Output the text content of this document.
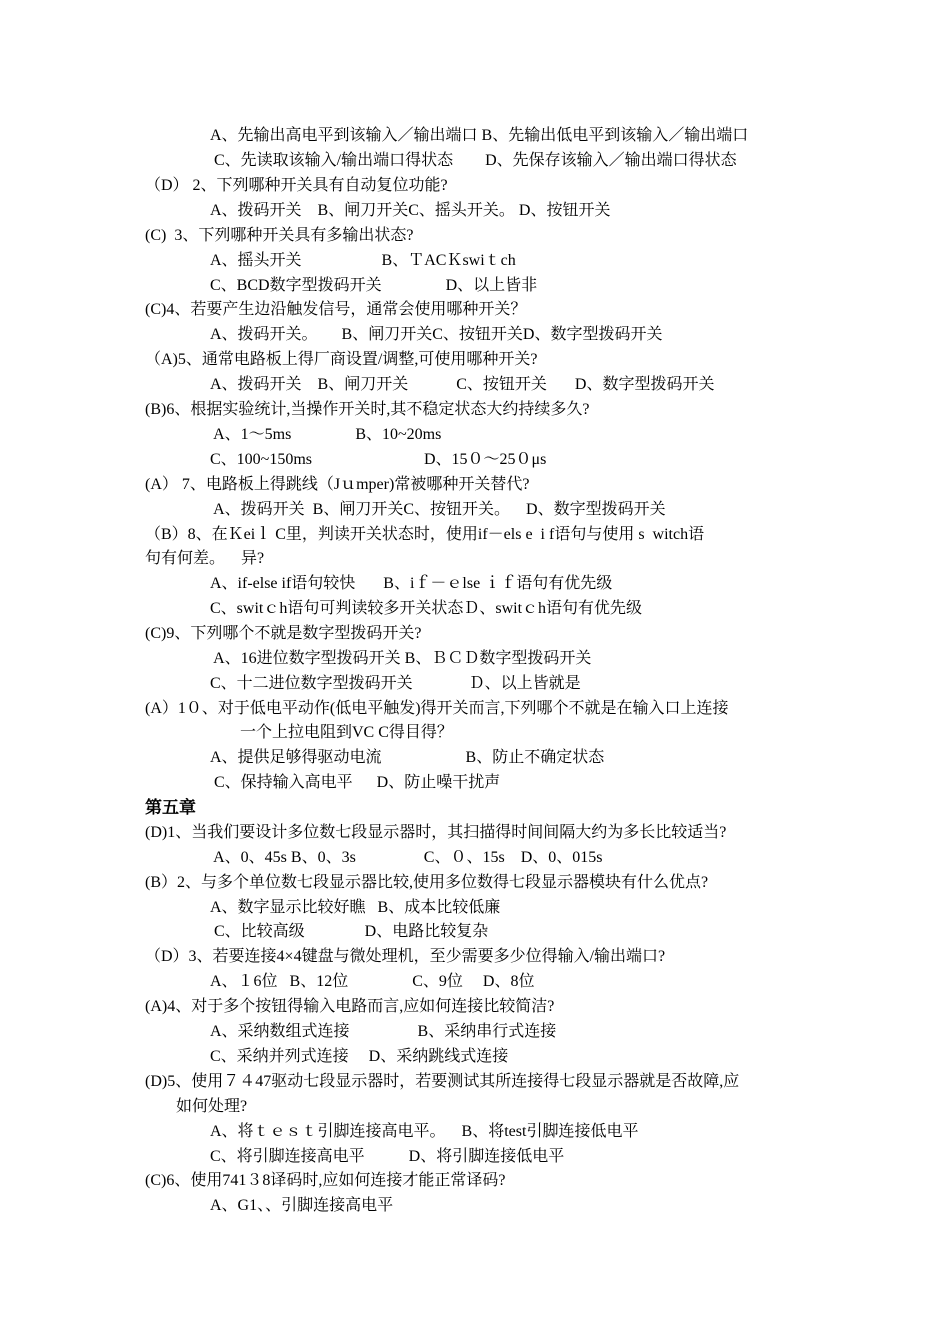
A、先输出高电平到该输入／输出端口 ﻿B、先输出低电平到该输入／输出端口
C、先读取该输入/输出端口得状态        ﻿D、先保存该输入／输出端口得状态
（D） 2、下列哪种开关具有自动复位功能?
A、拨码开关﻿﻿    B、闸刀开关﻿﻿C、摇头开关。 D、按钮开关
(C)  3、下列哪种开关具有多输出状态?
A、摇头开关﻿﻿                    B、ＴACＫswiｔch
C、BCD数字型拨码开关                D、以上皆非
(C)4、若要产生边沿触发信号，通常会使用哪种开关？
A、拨码开关。      B、闸刀开关﻿﻿C、按钮开关﻿﻿D、数字型拨码开关
（A)5、通常电路板上得厂商设置/调整,可使用哪种开关?
A、拨码开关﻿﻿    B、闸刀开关            C、按钮开关       D、数字型拨码开关
(B)6、根据实验统计,当操作开关时,其不稳定状态大约持续多久?
A、1～5ms  ﻿     ﻿     ﻿    B、10~20ms
C、100~150ms                ﻿            D、15０～25０μs
(A） 7、电路板上得跳线（Jｕmper)常被哪种开关替代?
A、拨码开关﻿﻿  B、闸刀开关﻿C、按钮开关。    D、数字型拨码开关
（B）8、在Ｋeiｌ C里，判读开关状态时，使用if－els e  i f语句与使用 s  witch语
句有何差。    异?
A、if-else if语句较快       ﻿﻿﻿B、iｆ－ｅlse ｉｆ语句有优先级
C、switｃh语句可判读较多开关状态﻿Ｄ、switｃh语句有优先级
(C)9、下列哪个不就是数字型拨码开关?
A、16进位数字型拨码开关﻿﻿ B、ＢＣＤ数字型拨码开关
C、十二进位数字型拨码开关              Ｄ、以上皆就是
(A）1０、对于低电平动作(低电平触发)得开关而言,下列哪个不就是在输入口上连接
一个上拉电阻到VC C得目得？
A、提供足够得驱动电流                     B、防止不确定状态
C、保持输入高电平﻿﻿      ﻿D、防止噪干扰声
第五章
(D)1、当我们要设计多位数七段显示器时，其扫描得时间间隔大约为多长比较适当?
A、0、45s﻿﻿ B、0、3s                 C、０、15s﻿﻿﻿    D、0、015s
(B）2、与多个单位数七段显示器比较,使用多位数得七段显示器模块有什么优点?
A、数字显示比较好瞧﻿﻿﻿   B、成本比较低廉
C、比较高级               ﻿﻿﻿﻿D、电路比较复杂
（D）3、若要连接4×4键盘与微处理机，至少需要多少位得输入/输出端口?
A、１6位﻿﻿   B、12位                C、9位﻿﻿     D、8位
(A)4、对于多个按钮得输入电路而言,应如何连接比较简洁?
A、采纳数组式连接                 ﻿﻿B、采纳串行式连接
C、采纳并列式连接﻿﻿﻿     ﻿D、采纳跳线式连接
(D)5、使用７４47驱动七段显示器时，若要测试其所连接得七段显示器就是否故障,应
﻿如何处理?
A、将ｔｅｓｔ引脚连接高电平。    ﻿B、将test引脚连接低电平
C、将引脚连接高电平      ﻿﻿     D、将引脚连接低电平
(C)6、使用741３8译码时,应如何连接才能正常译码?
A、G1、、引脚连接高电平
